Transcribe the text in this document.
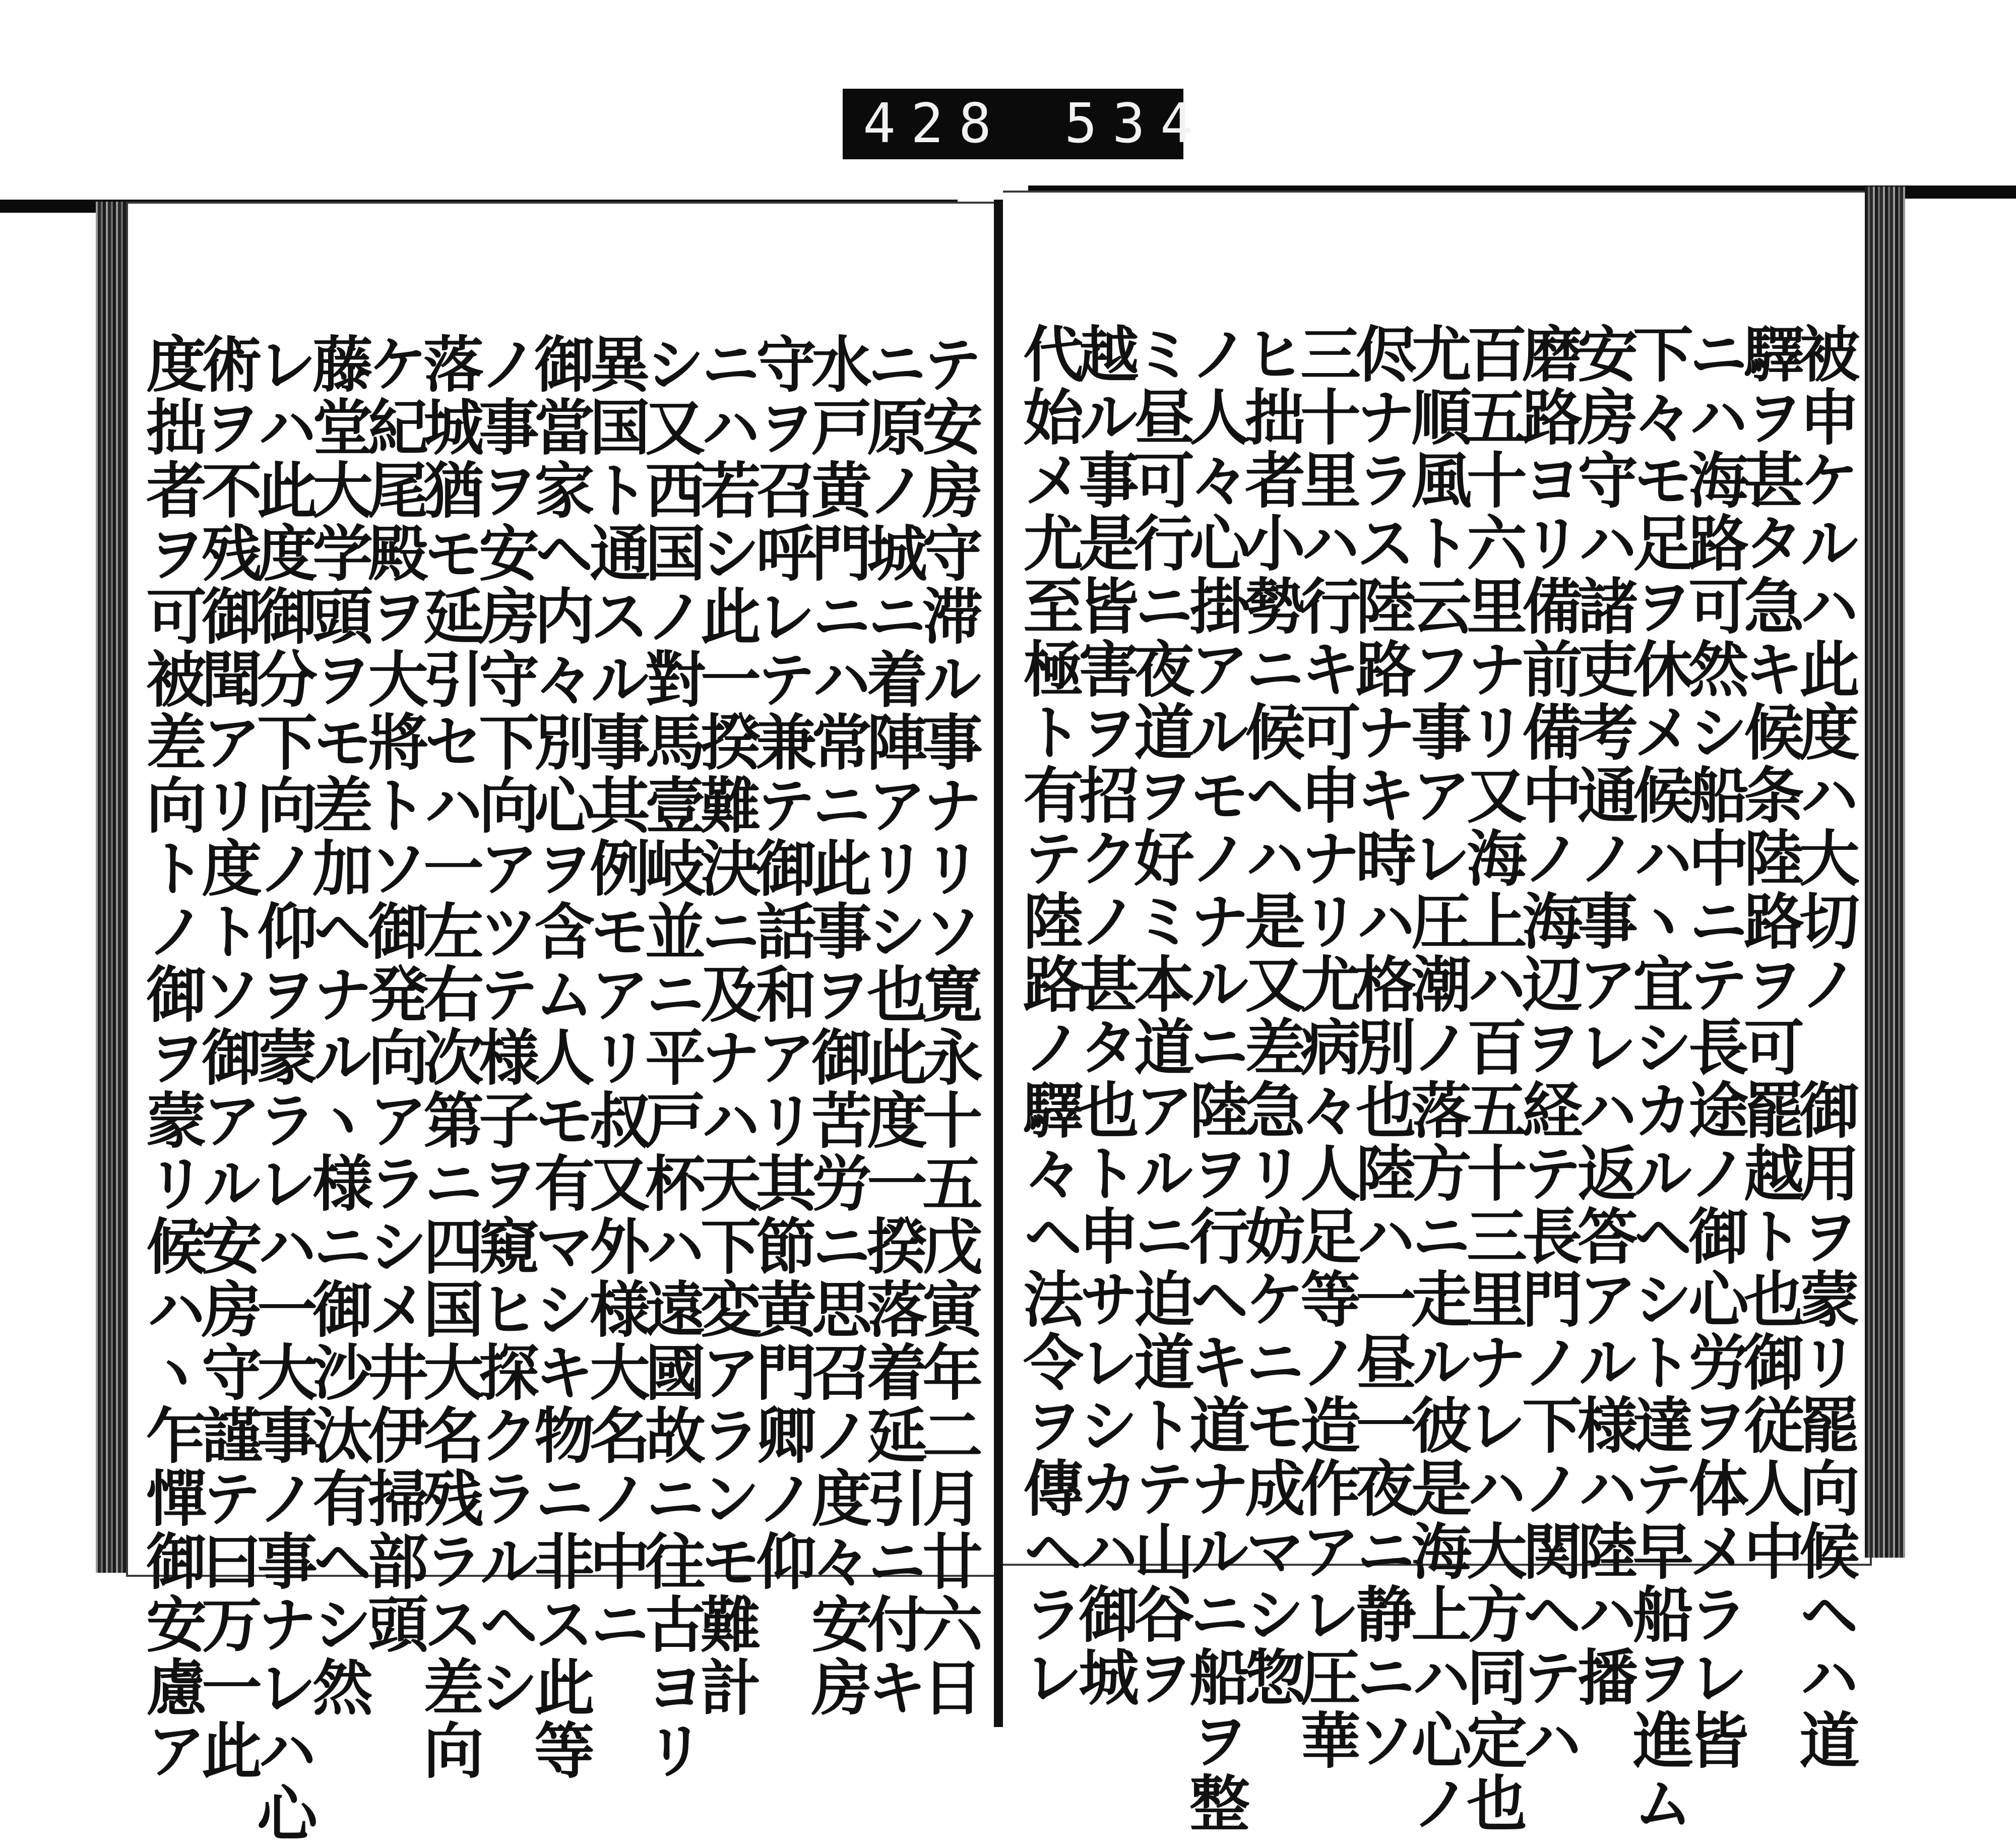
428 534
被申ケルハ此度ハ大切ノ　御用ヲ蒙リ罷向候ヘハ道
驛ヲ甚タ急キ候条陸路ヲ可罷越ト也御従人中
ニハ海路可然シ船中ニテ長途ノ御心労ヲ体メラレ皆
下々モ足ヲ休メ候ハヽ宜シカルヘシト達テ早船ヲ進ム
安房守ハ諸吏考通ノ事アレハ返答アル様ハ陸ハ播
磨路ヨリ備前備中ノ海辺ヲ経テ長門ノ下ノ関ヘテハ
百五十六里ナリ又海上ハ百五十三里ナレハ大方同定也
尤順風ト云フ事アレ圧潮ノ落方ニ走ル彼是海上ハ心ノ
侭ナラス陸路ナキ時ハ格別也陸ハ一昼一夜ニ静ニソ
三十里ハ行キ可申ナリ尤病々人足等ノ造作アレ圧華
ヒ拙者小勢ニ候ヘハ是又差急リ妨ケニモ成マシ惣
ノ人々心掛アルモノナルニ陸ヲ行ヘキ道ナルニ船ヲ整
ミ昼可行ニ夜道ヲ好ミ本道アルニ迫道トテ山谷ヲ
越ル事是皆害ヲ招クノ甚タ也ト申サレシカハ御城
代始メ尤至極ト有テ陸路ノ驛々ヘ法令ヲ傳ヘラレ
テ安房守滞ル事ナリソ寛永十五戊寅年二月廿六日
ニ原ノ城ニ着陣アリシ也此度一揆落着延引ニ付キ
水戸黄門ニハ常ニ此事ヲ御苦労ニ思召ノ度々安房
守ヲ召呼レテ兼テ御話和アリ其節黄門卿ノ仰
ニハ若シ此一揆難決ニ及ナハ天下変アランモ難計
シ又西国ノ對馬壹岐並ニ平戸杯ハ遠國故ニ往古ヨリ
異国ト通スル事其例モアリ叔又外様大名ノ中ニ
御當家ヘ内々別心ヲ含ム人モ有マシキ物ニ非ス此等
ノ事ヲ安房守下向アツテ様子ヲ窺ヒ探クラルヘシ
落城猶モ延引セハ一左右次第ニ四国大名残ラス差向
ケ紀尾殿ヲ大將トソ御発向アラシメ井伊掃部頭
藤堂大学頭ヲモ差加ヘナルヽ様ニ御沙汰有ヘシ然
レハ此度御分下向ノ仰ヲ蒙ラレハ一大事ノ事ナレハ心
術ヲ不残御聞アリ度トソ御アル安房守謹テ曰万一此
度拙者ヲ可被差向トノ御ヲ蒙リ候ハヽ乍憚御安慮ア
